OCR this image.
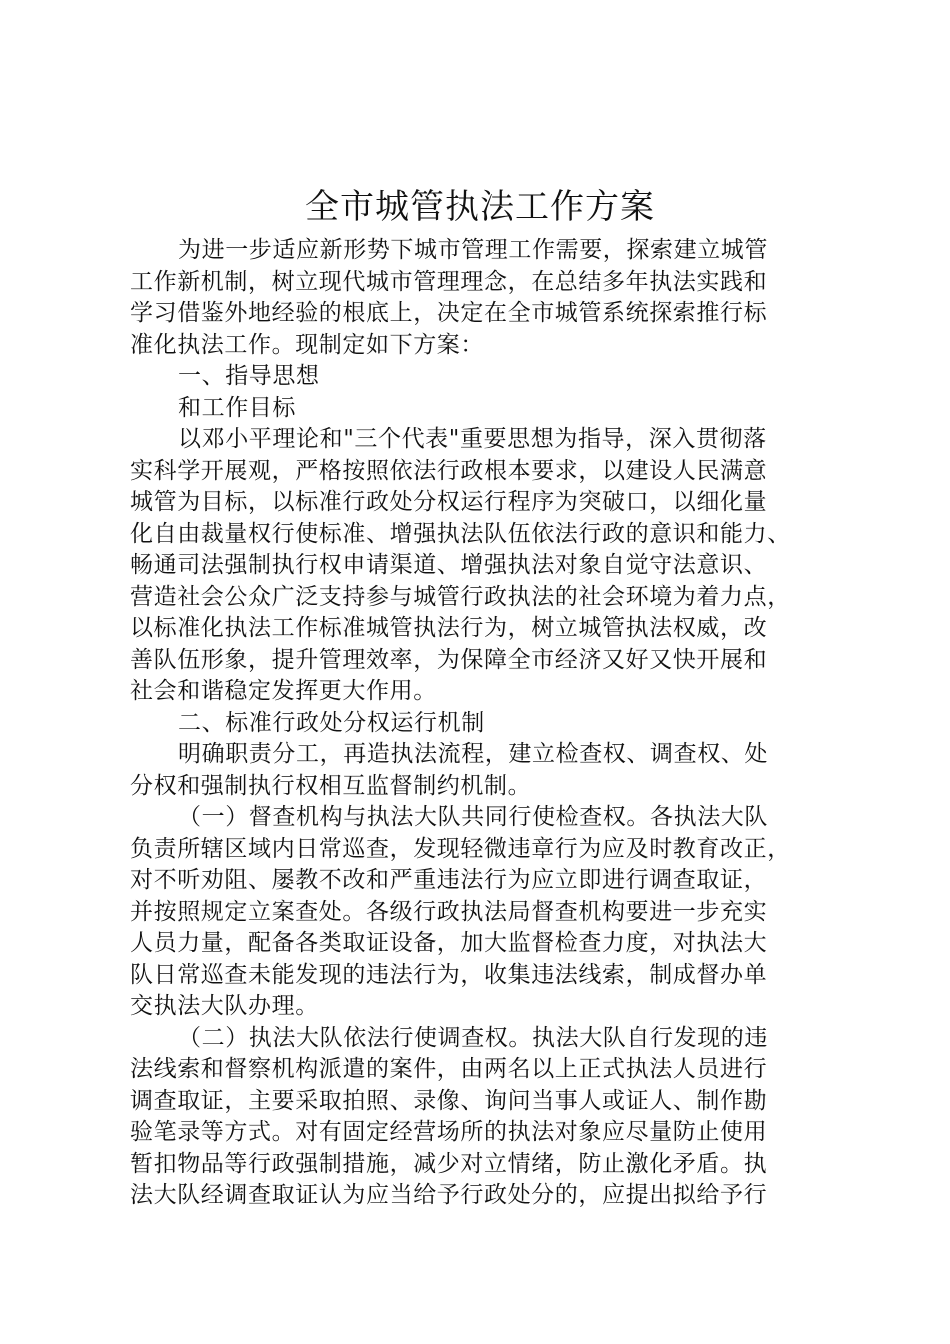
全市城管执法工作方案

为进一步适应新形势下城市管理工作需要，探索建立城管

工作新机制，树立现代城市管理理念，在总结多年执法实践和

学习借鉴外地经验的根底上，决定在全市城管系统探索推行标

准化执法工作。现制定如下方案：

一、指导思想

和工作目标

以邓小平理论和"三个代表"重要思想为指导，深入贯彻落

实科学开展观，严格按照依法行政根本要求，以建设人民满意

城管为目标，以标准行政处分权运行程序为突破口，以细化量

化自由裁量权行使标准、增强执法队伍依法行政的意识和能力、

畅通司法强制执行权申请渠道、增强执法对象自觉守法意识、

营造社会公众广泛支持参与城管行政执法的社会环境为着力点，

以标准化执法工作标准城管执法行为，树立城管执法权威，改

善队伍形象，提升管理效率，为保障全市经济又好又快开展和

社会和谐稳定发挥更大作用。

二、标准行政处分权运行机制

明确职责分工，再造执法流程，建立检查权、调查权、处

分权和强制执行权相互监督制约机制。

（一）督查机构与执法大队共同行使检查权。各执法大队

负责所辖区域内日常巡查，发现轻微违章行为应及时教育改正，

对不听劝阻、屡教不改和严重违法行为应立即进行调查取证，

并按照规定立案查处。各级行政执法局督查机构要进一步充实

人员力量，配备各类取证设备，加大监督检查力度，对执法大

队日常巡查未能发现的违法行为，收集违法线索，制成督办单

交执法大队办理。

（二）执法大队依法行使调查权。执法大队自行发现的违

法线索和督察机构派遣的案件，由两名以上正式执法人员进行

调查取证，主要采取拍照、录像、询问当事人或证人、制作勘

验笔录等方式。对有固定经营场所的执法对象应尽量防止使用

暂扣物品等行政强制措施，减少对立情绪，防止激化矛盾。执

法大队经调查取证认为应当给予行政处分的，应提出拟给予行
